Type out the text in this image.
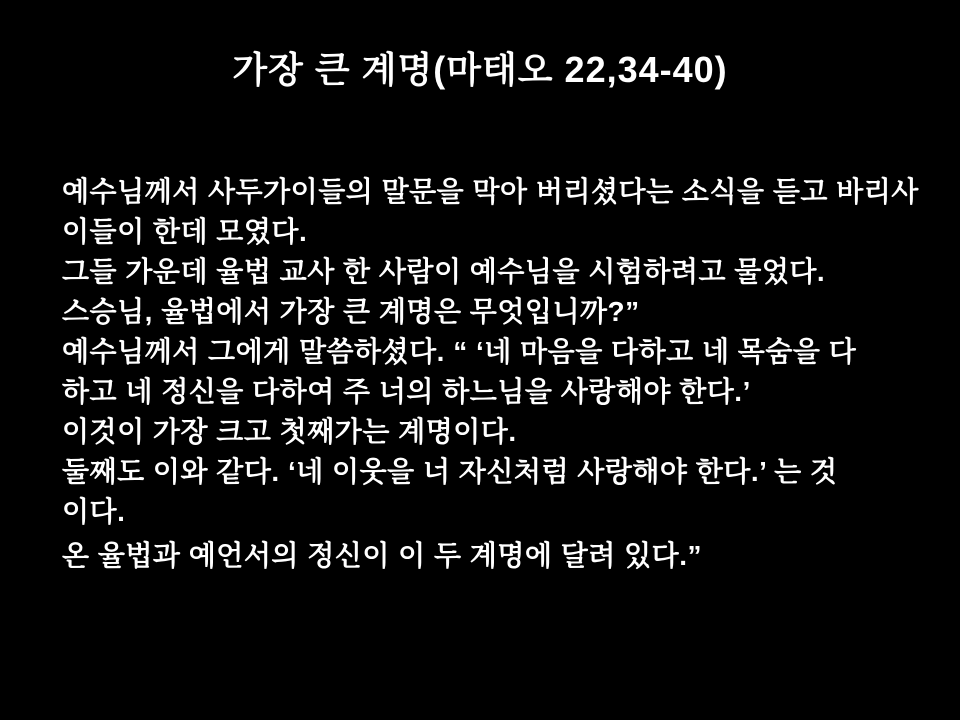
가장 큰 계명(마태오 22,34-40)
예수님께서 사두가이들의 말문을 막아 버리셨다는 소식을 듣고 바리사
이들이 한데 모였다.
그들 가운데 율법 교사 한 사람이 예수님을 시험하려고 물었다.
스승님, 율법에서 가장 큰 계명은 무엇입니까?”
예수님께서 그에게 말씀하셨다. “ ‘네 마음을 다하고 네 목숨을 다
하고 네 정신을 다하여 주 너의 하느님을 사랑해야 한다.’
이것이 가장 크고 첫째가는 계명이다.
둘째도 이와 같다. ‘네 이웃을 너 자신처럼 사랑해야 한다.’ 는 것
이다.
온 율법과 예언서의 정신이 이 두 계명에 달려 있다.”
